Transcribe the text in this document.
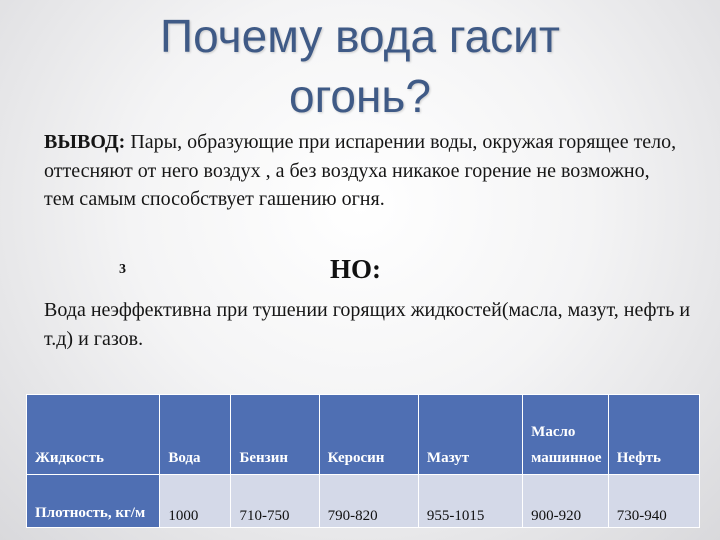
Почему вода гасит
огонь?
ВЫВОД: Пары, образующие при испарении воды, окружая горящее тело, оттесняют от него воздух , а без воздуха никакое горение не возможно, тем самым способствует гашению огня.
3	НО:
Вода неэффективна при тушении горящих жидкостей(масла, мазут, нефть и т.д) и газов.
Жидкость	Вода	Бензин	Керосин	Мазут	Масло машинное	Нефть
Плотность, кг/м	1000	710-750	790-820	955-1015	900-920	730-940
